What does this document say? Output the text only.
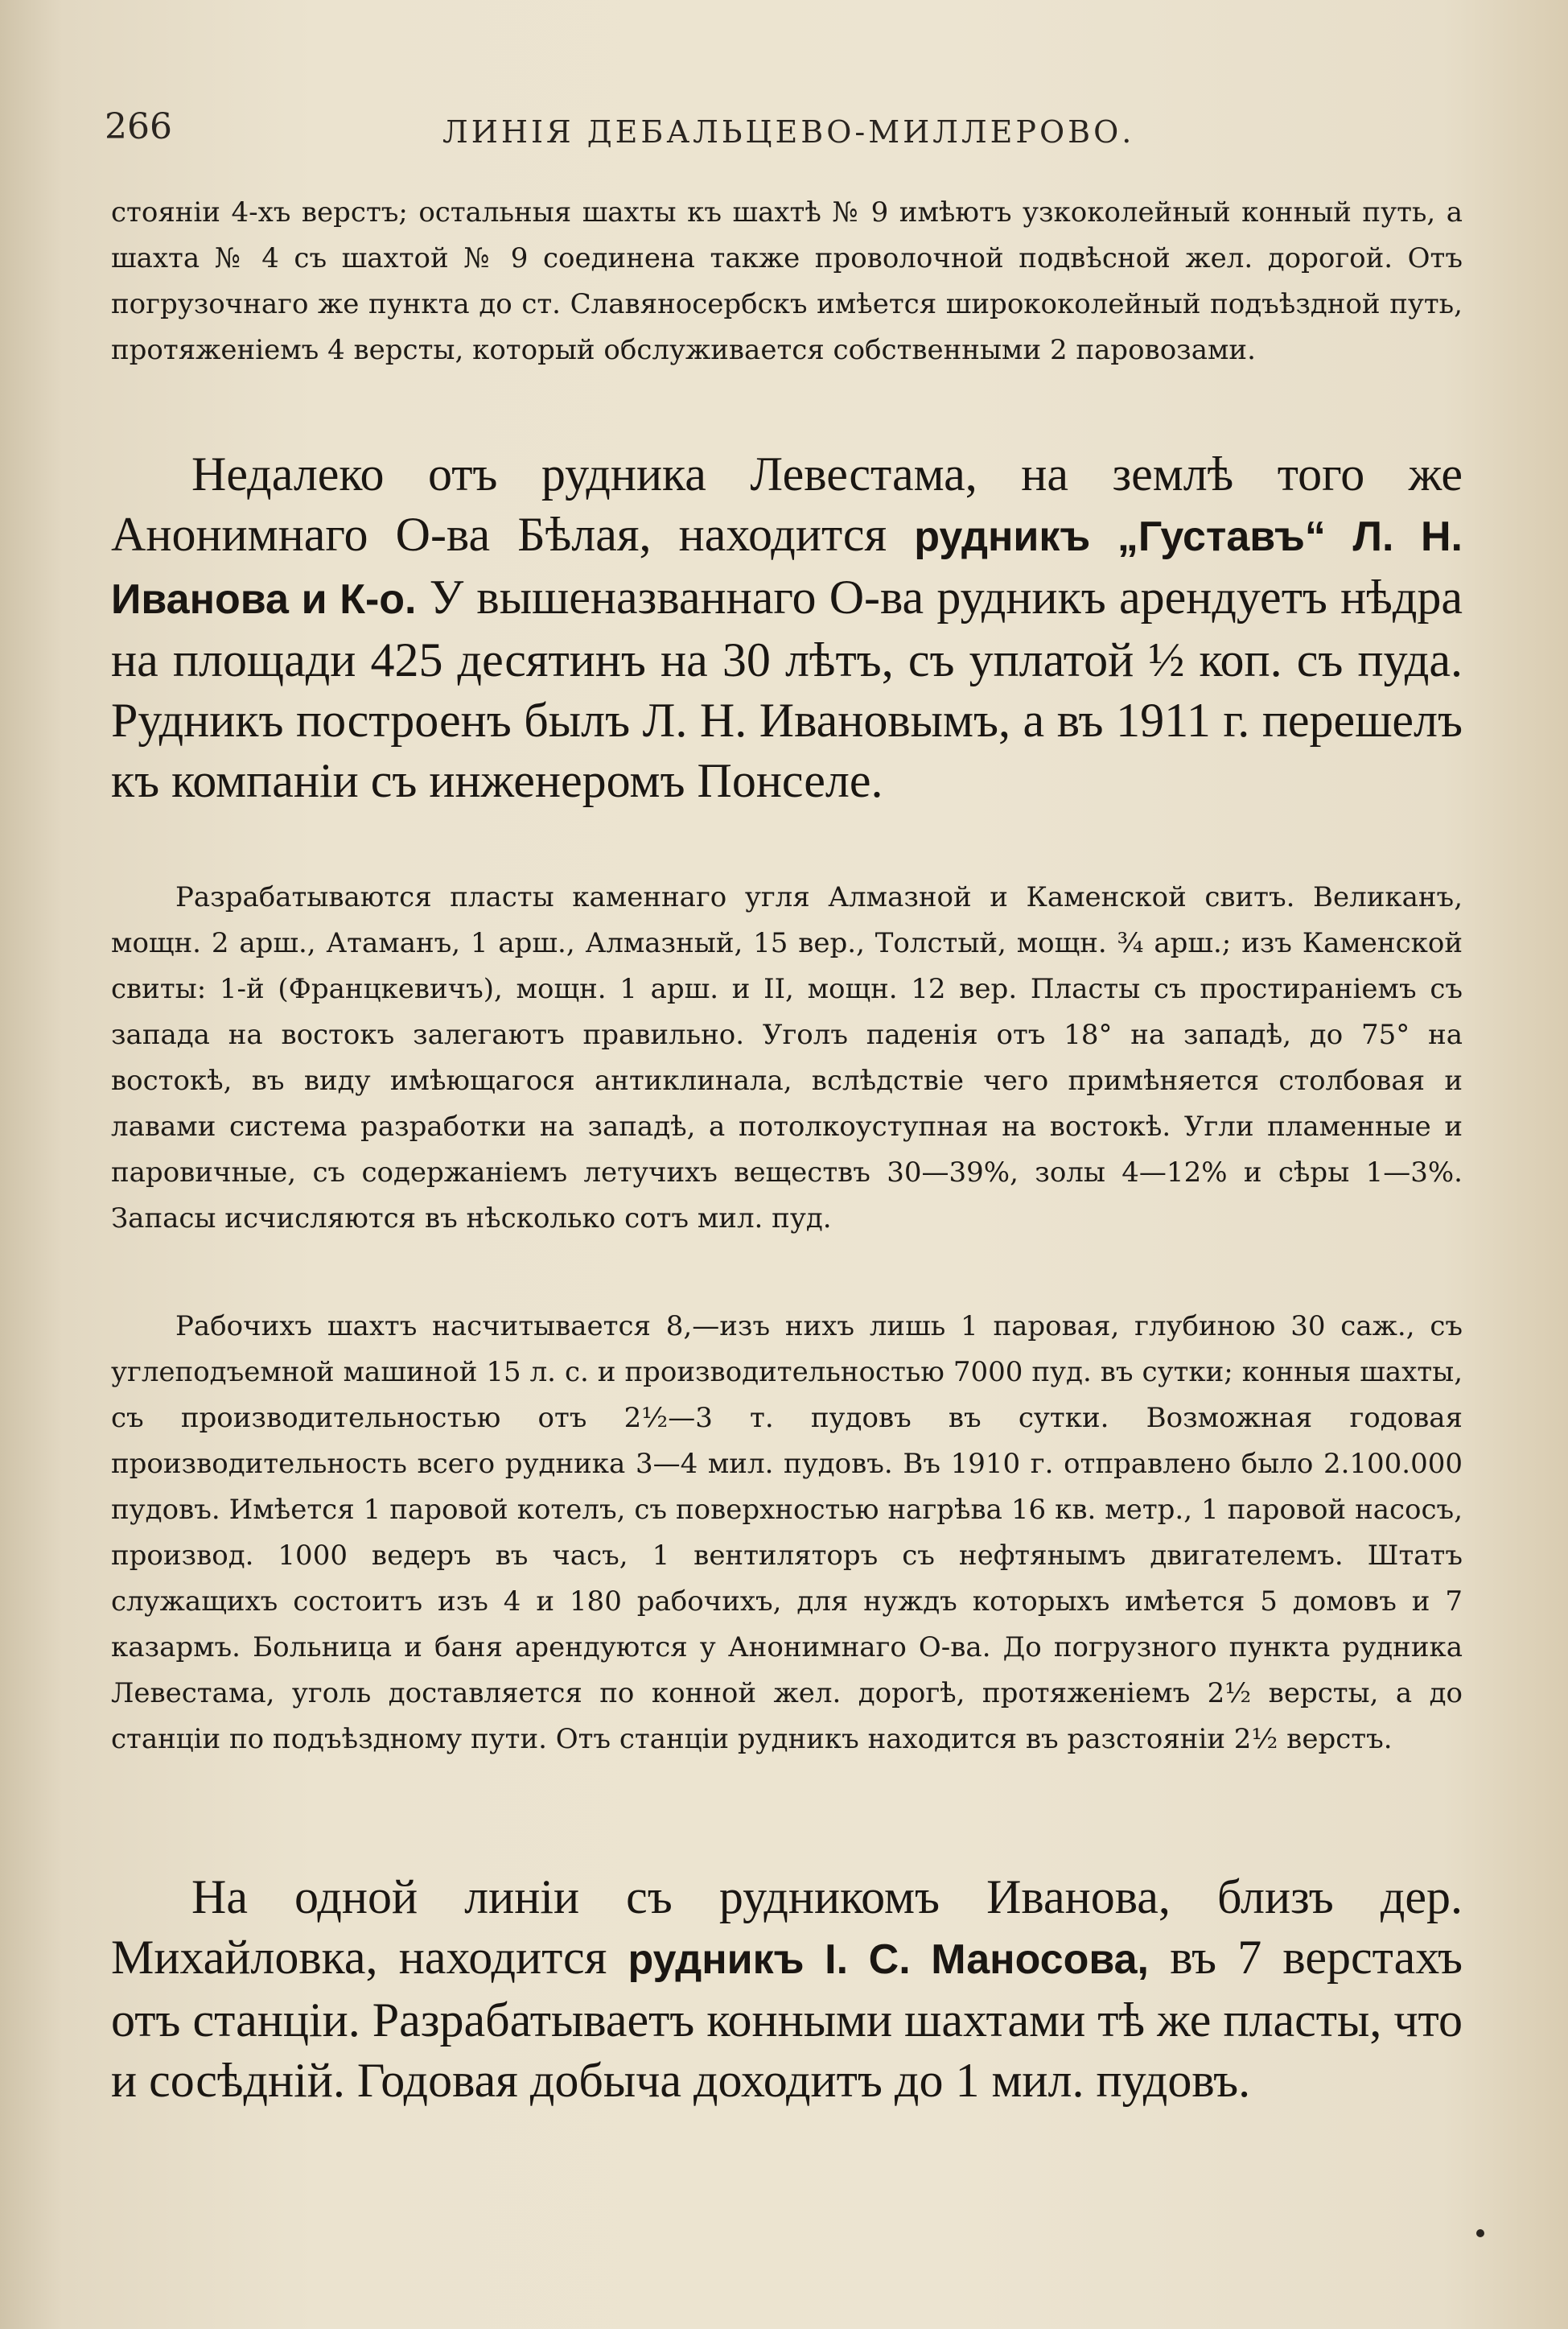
266	ЛИНІЯ ДЕБАЛЬЦЕВО-МИЛЛЕРОВО.

стояніи 4-хъ верстъ; остальныя шахты къ шахтѣ № 9 имѣютъ узкоколейный конный путь, а шахта № 4 съ шахтой № 9 соединена также проволочной подвѣсной жел. дорогой. Отъ погрузочнаго же пункта до ст. Славяносербскъ имѣется ширококолейный подъѣздной путь, протяженіемъ 4 версты, который обслуживается собственными 2 паровозами.

Недалеко отъ рудника Левестама, на землѣ того же Анонимнаго О-ва Бѣлая, находится рудникъ „Густавъ“ Л. Н. Иванова и К-о. У вышеназваннаго О-ва рудникъ арендуетъ нѣдра на площади 425 десятинъ на 30 лѣтъ, съ уплатой ½ коп. съ пуда. Рудникъ построенъ былъ Л. Н. Ивановымъ, а въ 1911 г. перешелъ къ компаніи съ инженеромъ Понселе.

Разрабатываются пласты каменнаго угля Алмазной и Каменской свитъ. Великанъ, мощн. 2 арш., Атаманъ, 1 арш., Алмазный, 15 вер., Толстый, мощн. ¾ арш.; изъ Каменской свиты: 1-й (Францкевичъ), мощн. 1 арш. и II, мощн. 12 вер. Пласты съ простираніемъ съ запада на востокъ залегаютъ правильно. Уголъ паденія отъ 18° на западѣ, до 75° на востокѣ, въ виду имѣющагося антиклинала, вслѣдствіе чего примѣняется столбовая и лавами система разработки на западѣ, а потолкоуступная на востокѣ. Угли пламенные и паровичные, съ содержаніемъ летучихъ веществъ 30—39%, золы 4—12% и сѣры 1—3%. Запасы исчисляются въ нѣсколько сотъ мил. пуд.

Рабочихъ шахтъ насчитывается 8,—изъ нихъ лишь 1 паровая, глубиною 30 саж., съ углеподъемной машиной 15 л. с. и производительностью 7000 пуд. въ сутки; конныя шахты, съ производительностью отъ 2½—3 т. пудовъ въ сутки. Возможная годовая производительность всего рудника 3—4 мил. пудовъ. Въ 1910 г. отправлено было 2.100.000 пудовъ. Имѣется 1 паровой котелъ, съ поверхностью нагрѣва 16 кв. метр., 1 паровой насосъ, производ. 1000 ведеръ въ часъ, 1 вентиляторъ съ нефтянымъ двигателемъ. Штатъ служащихъ состоитъ изъ 4 и 180 рабочихъ, для нуждъ которыхъ имѣется 5 домовъ и 7 казармъ. Больница и баня арендуются у Анонимнаго О-ва. До погрузного пункта рудника Левестама, уголь доставляется по конной жел. дорогѣ, протяженіемъ 2½ версты, а до станціи по подъѣздному пути. Отъ станціи рудникъ находится въ разстояніи 2½ верстъ.

На одной линіи съ рудникомъ Иванова, близъ дер. Михайловка, находится рудникъ І. С. Маносова, въ 7 верстахъ отъ станціи. Разрабатываетъ конными шахтами тѣ же пласты, что и сосѣдній. Годовая добыча доходитъ до 1 мил. пудовъ.
